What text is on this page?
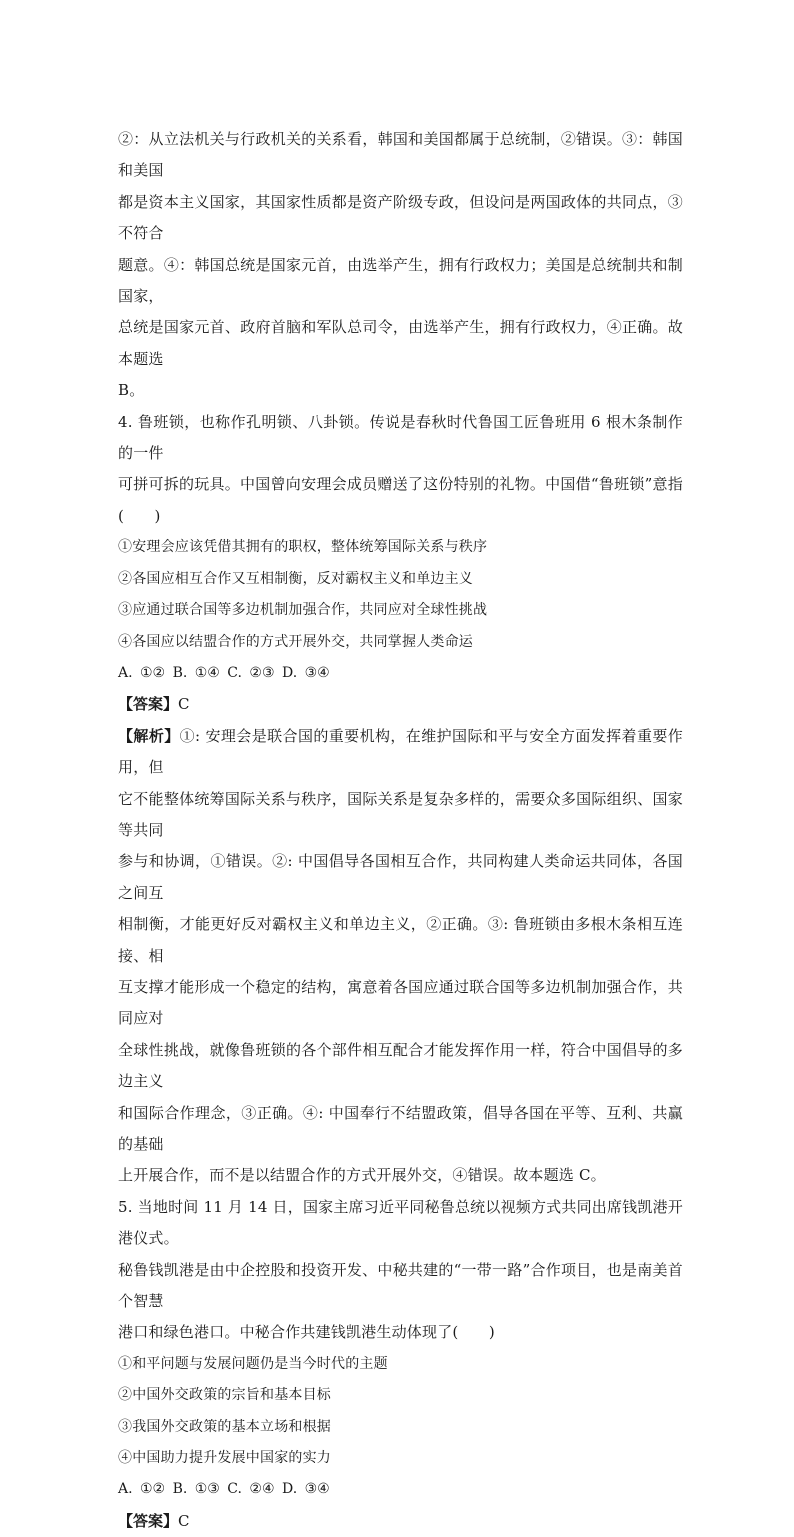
②：从立法机关与行政机关的关系看，韩国和美国都属于总统制，②错误。③：韩国和美国

都是资本主义国家，其国家性质都是资产阶级专政，但设问是两国政体的共同点，③不符合

题意。④：韩国总统是国家元首，由选举产生，拥有行政权力；美国是总统制共和制国家，

总统是国家元首、政府首脑和军队总司令，由选举产生，拥有行政权力，④正确。故本题选

B。

4. 鲁班锁，也称作孔明锁、八卦锁。传说是春秋时代鲁国工匠鲁班用 6 根木条制作的一件

可拼可拆的玩具。中国曾向安理会成员赠送了这份特别的礼物。中国借“鲁班锁”意指(　　)

①安理会应该凭借其拥有的职权，整体统筹国际关系与秩序

②各国应相互合作又互相制衡，反对霸权主义和单边主义

③应通过联合国等多边机制加强合作，共同应对全球性挑战

④各国应以结盟合作的方式开展外交，共同掌握人类命运

A. ①② B. ①④ C. ②③ D. ③④

【答案】C

【解析】①: 安理会是联合国的重要机构，在维护国际和平与安全方面发挥着重要作用，但

它不能整体统筹国际关系与秩序，国际关系是复杂多样的，需要众多国际组织、国家等共同

参与和协调，①错误。②: 中国倡导各国相互合作，共同构建人类命运共同体，各国之间互

相制衡，才能更好反对霸权主义和单边主义，②正确。③: 鲁班锁由多根木条相互连接、相

互支撑才能形成一个稳定的结构，寓意着各国应通过联合国等多边机制加强合作，共同应对

全球性挑战，就像鲁班锁的各个部件相互配合才能发挥作用一样，符合中国倡导的多边主义

和国际合作理念，③正确。④: 中国奉行不结盟政策，倡导各国在平等、互利、共赢的基础

上开展合作，而不是以结盟合作的方式开展外交，④错误。故本题选 C。

5. 当地时间 11 月 14 日，国家主席习近平同秘鲁总统以视频方式共同出席钱凯港开港仪式。

秘鲁钱凯港是由中企控股和投资开发、中秘共建的“一带一路”合作项目，也是南美首个智慧

港口和绿色港口。中秘合作共建钱凯港生动体现了(　　)

①和平问题与发展问题仍是当今时代的主题

②中国外交政策的宗旨和基本目标

③我国外交政策的基本立场和根据

④中国助力提升发展中国家的实力

A. ①② B. ①③ C. ②④ D. ③④

【答案】C
